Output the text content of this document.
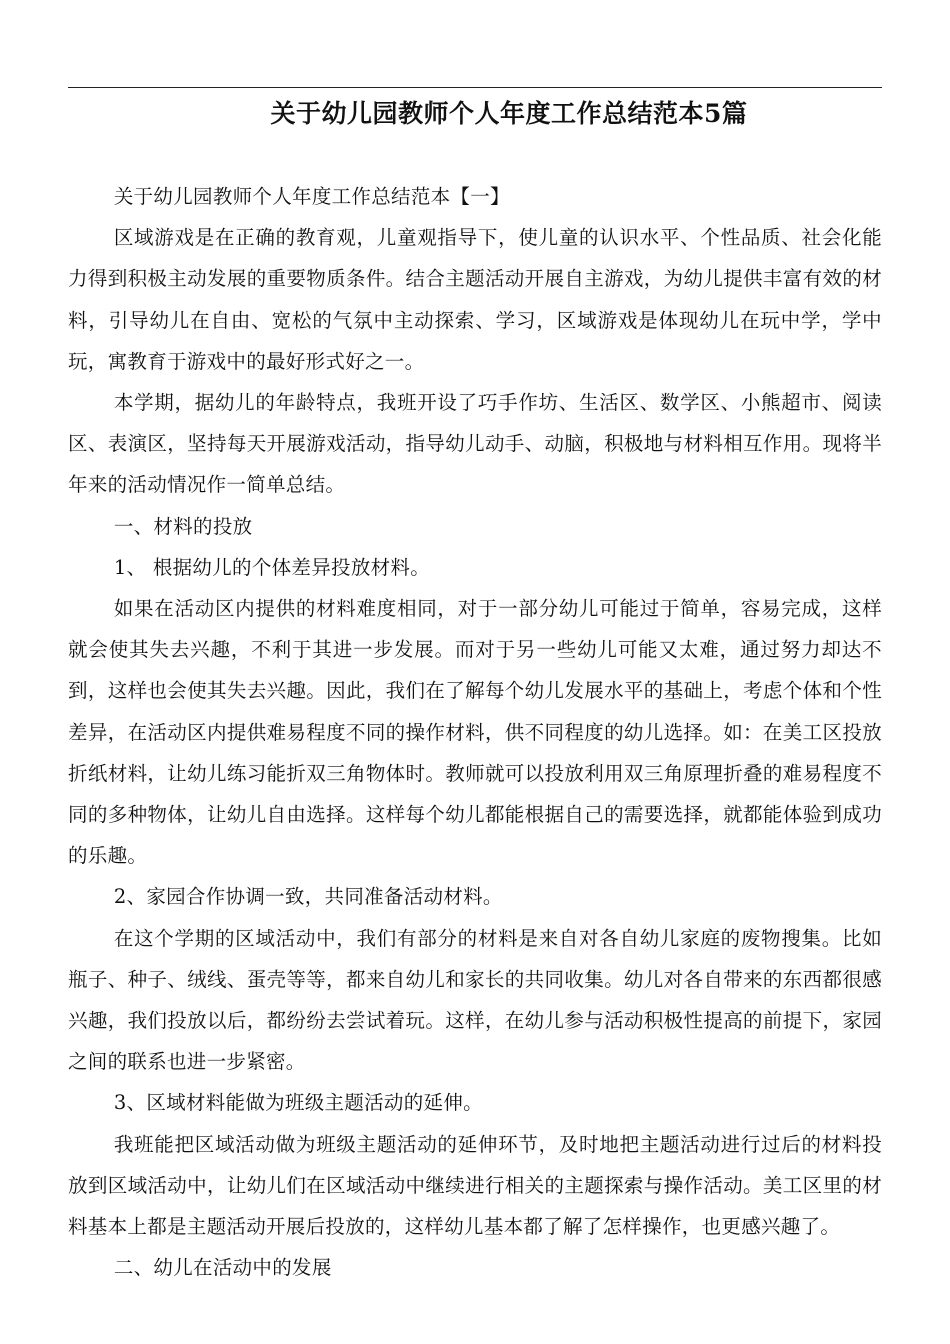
关于幼儿园教师个人年度工作总结范本5篇

关于幼儿园教师个人年度工作总结范本【一】

区域游戏是在正确的教育观，儿童观指导下，使儿童的认识水平、个性品质、社会化能力得到积极主动发展的重要物质条件。结合主题活动开展自主游戏，为幼儿提供丰富有效的材料，引导幼儿在自由、宽松的气氛中主动探索、学习，区域游戏是体现幼儿在玩中学，学中玩，寓教育于游戏中的最好形式好之一。

本学期，据幼儿的年龄特点，我班开设了巧手作坊、生活区、数学区、小熊超市、阅读区、表演区，坚持每天开展游戏活动，指导幼儿动手、动脑，积极地与材料相互作用。现将半年来的活动情况作一简单总结。

一、材料的投放

1、 根据幼儿的个体差异投放材料。

如果在活动区内提供的材料难度相同，对于一部分幼儿可能过于简单，容易完成，这样就会使其失去兴趣，不利于其进一步发展。而对于另一些幼儿可能又太难，通过努力却达不到，这样也会使其失去兴趣。因此，我们在了解每个幼儿发展水平的基础上，考虑个体和个性差异，在活动区内提供难易程度不同的操作材料，供不同程度的幼儿选择。如：在美工区投放折纸材料，让幼儿练习能折双三角物体时。教师就可以投放利用双三角原理折叠的难易程度不同的多种物体，让幼儿自由选择。这样每个幼儿都能根据自己的需要选择，就都能体验到成功的乐趣。

2、家园合作协调一致，共同准备活动材料。

在这个学期的区域活动中，我们有部分的材料是来自对各自幼儿家庭的废物搜集。比如瓶子、种子、绒线、蛋壳等等，都来自幼儿和家长的共同收集。幼儿对各自带来的东西都很感兴趣，我们投放以后，都纷纷去尝试着玩。这样，在幼儿参与活动积极性提高的前提下，家园之间的联系也进一步紧密。

3、区域材料能做为班级主题活动的延伸。

我班能把区域活动做为班级主题活动的延伸环节，及时地把主题活动进行过后的材料投放到区域活动中，让幼儿们在区域活动中继续进行相关的主题探索与操作活动。美工区里的材料基本上都是主题活动开展后投放的，这样幼儿基本都了解了怎样操作，也更感兴趣了。

二、幼儿在活动中的发展
